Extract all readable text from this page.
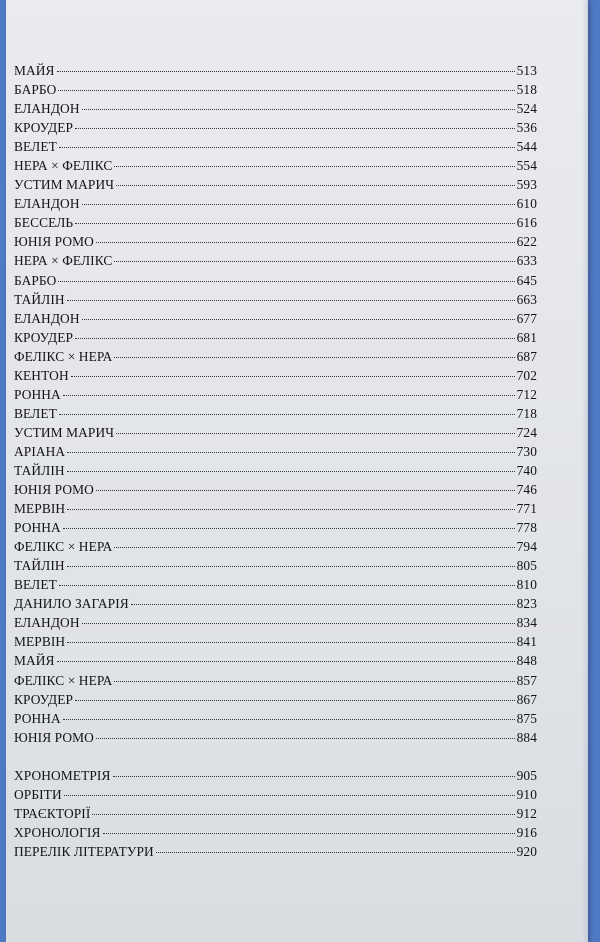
МАЙЯ	513
БАРБО	518
ЕЛАНДОН	524
КРОУДЕР	536
ВЕЛЕТ	544
НЕРА × ФЕЛІКС	554
УСТИМ МАРИЧ	593
ЕЛАНДОН	610
БЕССЕЛЬ	616
ЮНІЯ РОМО	622
НЕРА × ФЕЛІКС	633
БАРБО	645
ТАЙЛІН	663
ЕЛАНДОН	677
КРОУДЕР	681
ФЕЛІКС × НЕРА	687
КЕНТОН	702
РОННА	712
ВЕЛЕТ	718
УСТИМ МАРИЧ	724
АРІАНА	730
ТАЙЛІН	740
ЮНІЯ РОМО	746
МЕРВІН	771
РОННА	778
ФЕЛІКС × НЕРА	794
ТАЙЛІН	805
ВЕЛЕТ	810
ДАНИЛО ЗАГАРІЯ	823
ЕЛАНДОН	834
МЕРВІН	841
МАЙЯ	848
ФЕЛІКС × НЕРА	857
КРОУДЕР	867
РОННА	875
ЮНІЯ РОМО	884
ХРОНОМЕТРІЯ	905
ОРБІТИ	910
ТРАЄКТОРІЇ	912
ХРОНОЛОГІЯ	916
ПЕРЕЛІК ЛІТЕРАТУРИ	920
